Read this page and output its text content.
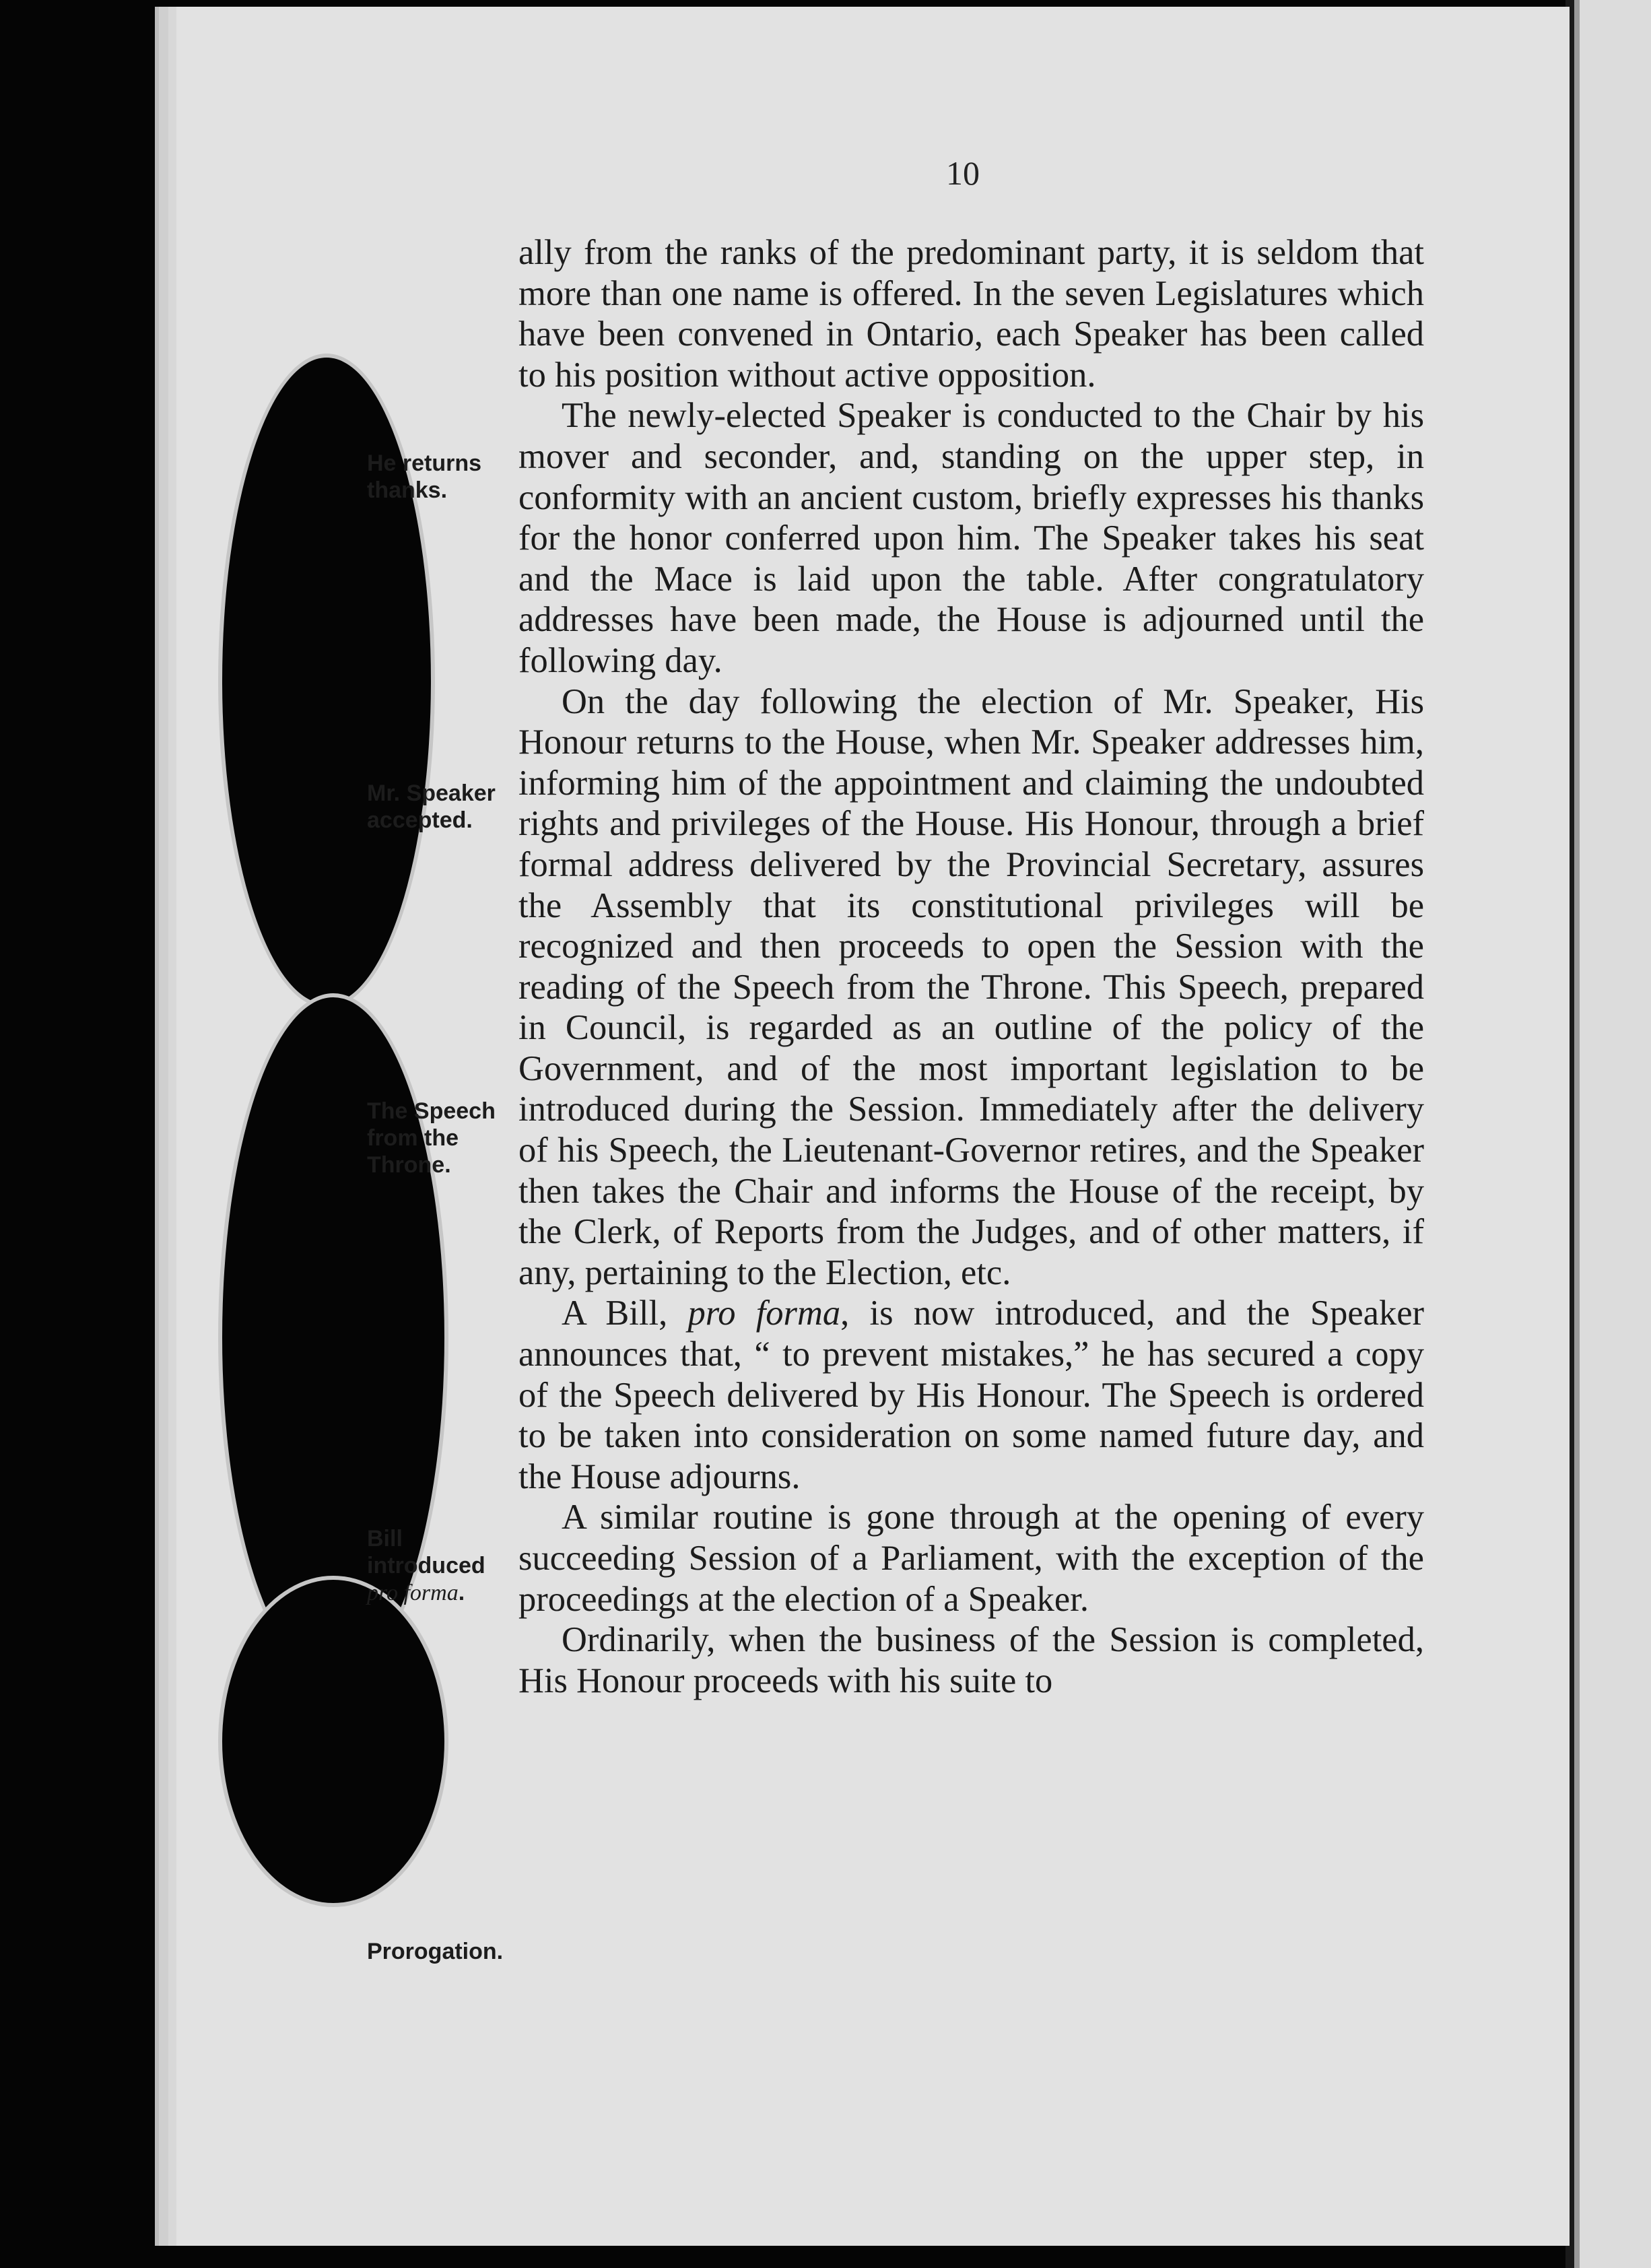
10

ally from the ranks of the predominant party, it is seldom that more than one name is offered. In the seven Legislatures which have been convened in Ontario, each Speaker has been called to his position without active opposition.

The newly-elected Speaker is conducted to the Chair by his mover and seconder, and, standing on the upper step, in conformity with an ancient custom, briefly expresses his thanks for the honor conferred upon him. The Speaker takes his seat and the Mace is laid upon the table. After congratulatory addresses have been made, the House is adjourned until the following day.

On the day following the election of Mr. Speaker, His Honour returns to the House, when Mr. Speaker addresses him, informing him of the appointment and claiming the undoubted rights and privileges of the House. His Honour, through a brief formal address delivered by the Provincial Secretary, assures the Assembly that its constitutional privileges will be recognized and then proceeds to open the Session with the reading of the Speech from the Throne. This Speech, prepared in Council, is regarded as an outline of the policy of the Government, and of the most important legislation to be introduced during the Session. Immediately after the delivery of his Speech, the Lieutenant-Governor retires, and the Speaker then takes the Chair and informs the House of the receipt, by the Clerk, of Reports from the Judges, and of other matters, if any, pertaining to the Election, etc.

A Bill, pro forma, is now introduced, and the Speaker announces that, “ to prevent mistakes,” he has secured a copy of the Speech delivered by His Honour. The Speech is ordered to be taken into consideration on some named future day, and the House adjourns.

A similar routine is gone through at the opening of every succeeding Session of a Parliament, with the exception of the proceedings at the election of a Speaker.

Ordinarily, when the business of the Session is completed, His Honour proceeds with his suite to

He returns thanks.
Mr. Speaker accepted.
The Speech from the Throne.
Bill introduced pro forma.
Prorogation.
